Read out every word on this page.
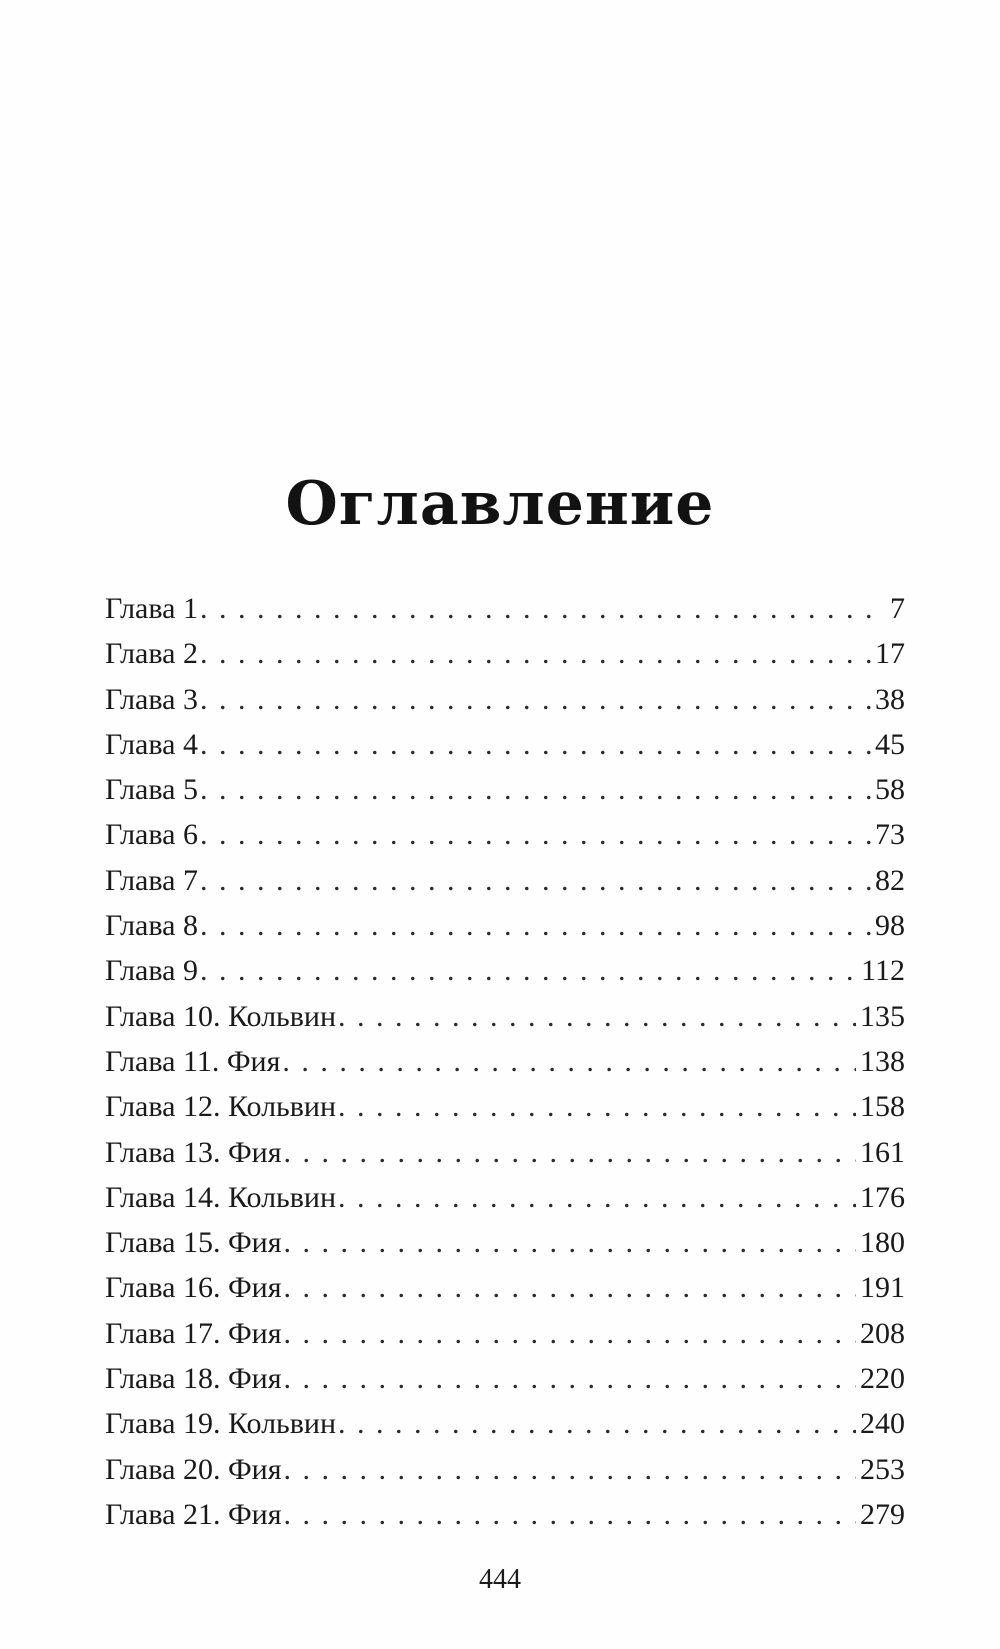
Оглавление
Глава 1 . . .	7
Глава 2 . . .	17
Глава 3 . . .	38
Глава 4 . . .	45
Глава 5 . . .	58
Глава 6 . . .	73
Глава 7 . . .	82
Глава 8 . . .	98
Глава 9 . . .	112
Глава 10. Кольвин . . .	135
Глава 11. Фия . . .	138
Глава 12. Кольвин . . .	158
Глава 13. Фия . . .	161
Глава 14. Кольвин . . .	176
Глава 15. Фия . . .	180
Глава 16. Фия . . .	191
Глава 17. Фия . . .	208
Глава 18. Фия . . .	220
Глава 19. Кольвин . . .	240
Глава 20. Фия . . .	253
Глава 21. Фия . . .	279
444
